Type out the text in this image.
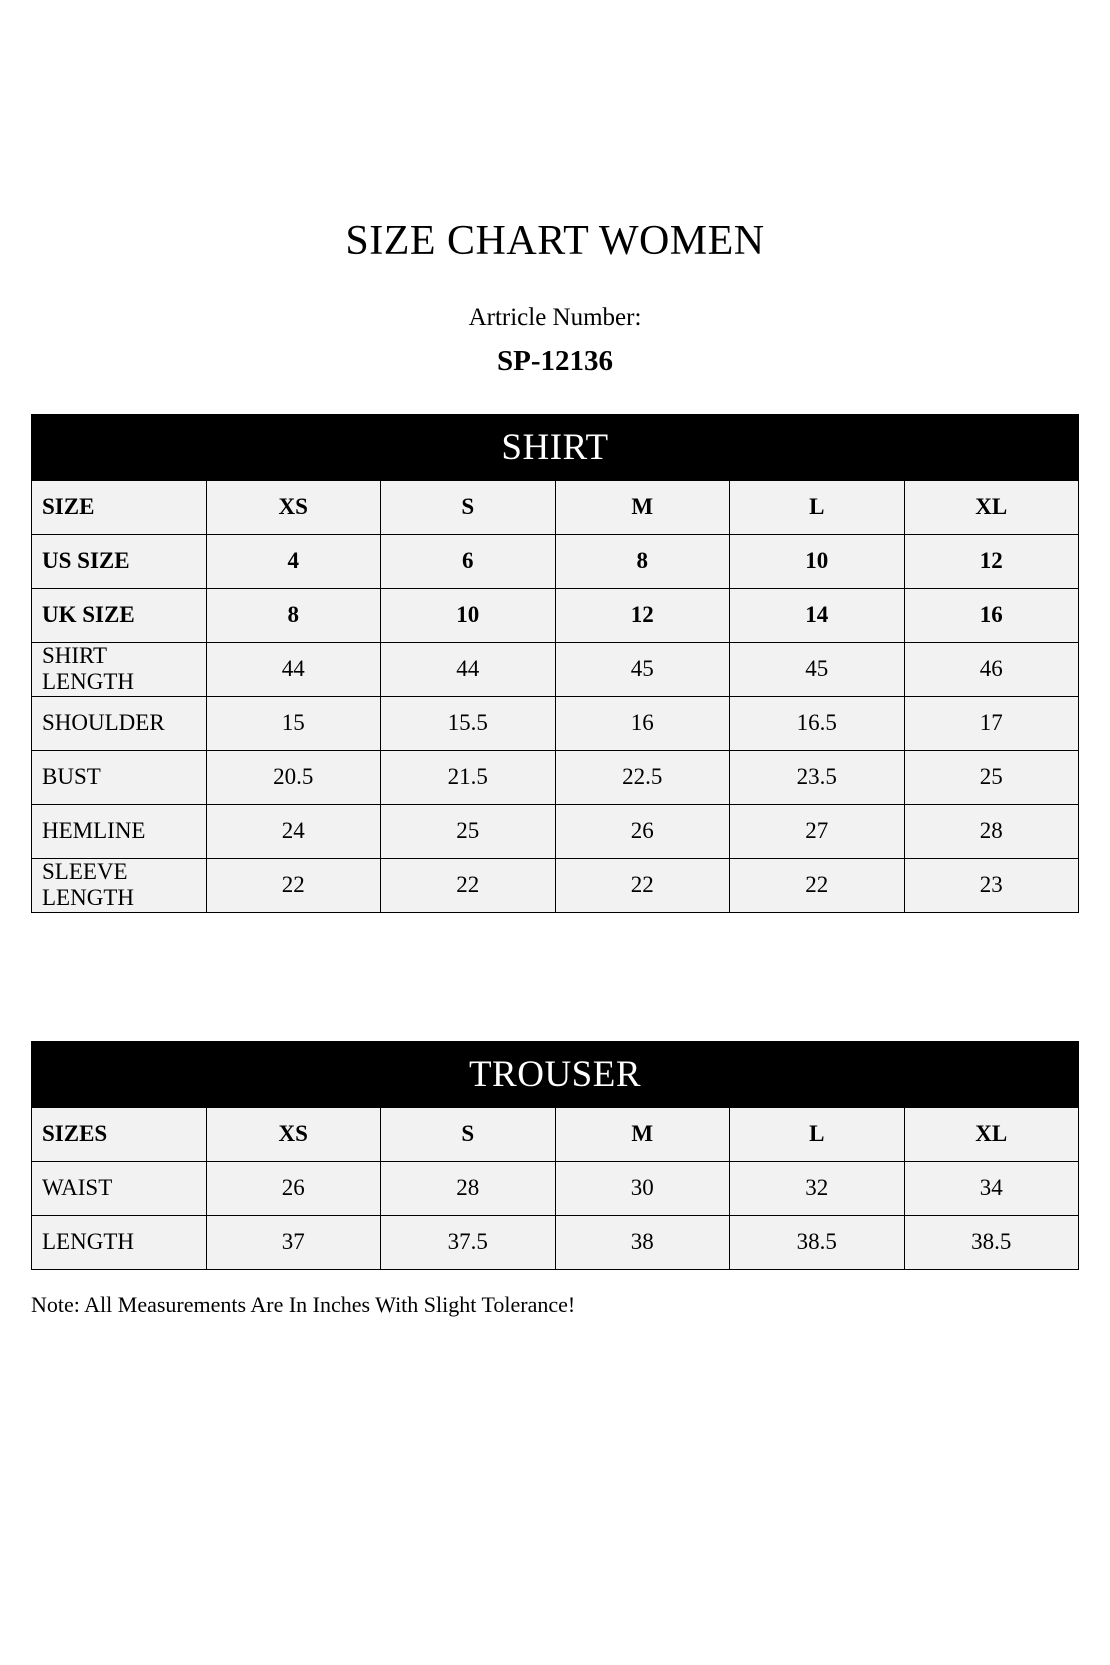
SIZE CHART WOMEN
Artricle Number:
SP-12136
SHIRT					
SIZE	XS	S	M	L	XL
US SIZE	4	6	8	10	12
UK SIZE	8	10	12	14	16
SHIRT LENGTH	44	44	45	45	46
SHOULDER	15	15.5	16	16.5	17
BUST	20.5	21.5	22.5	23.5	25
HEMLINE	24	25	26	27	28
SLEEVE LENGTH	22	22	22	22	23
TROUSER					
SIZES	XS	S	M	L	XL
WAIST	26	28	30	32	34
LENGTH	37	37.5	38	38.5	38.5
Note: All Measurements Are In Inches With Slight Tolerance!
